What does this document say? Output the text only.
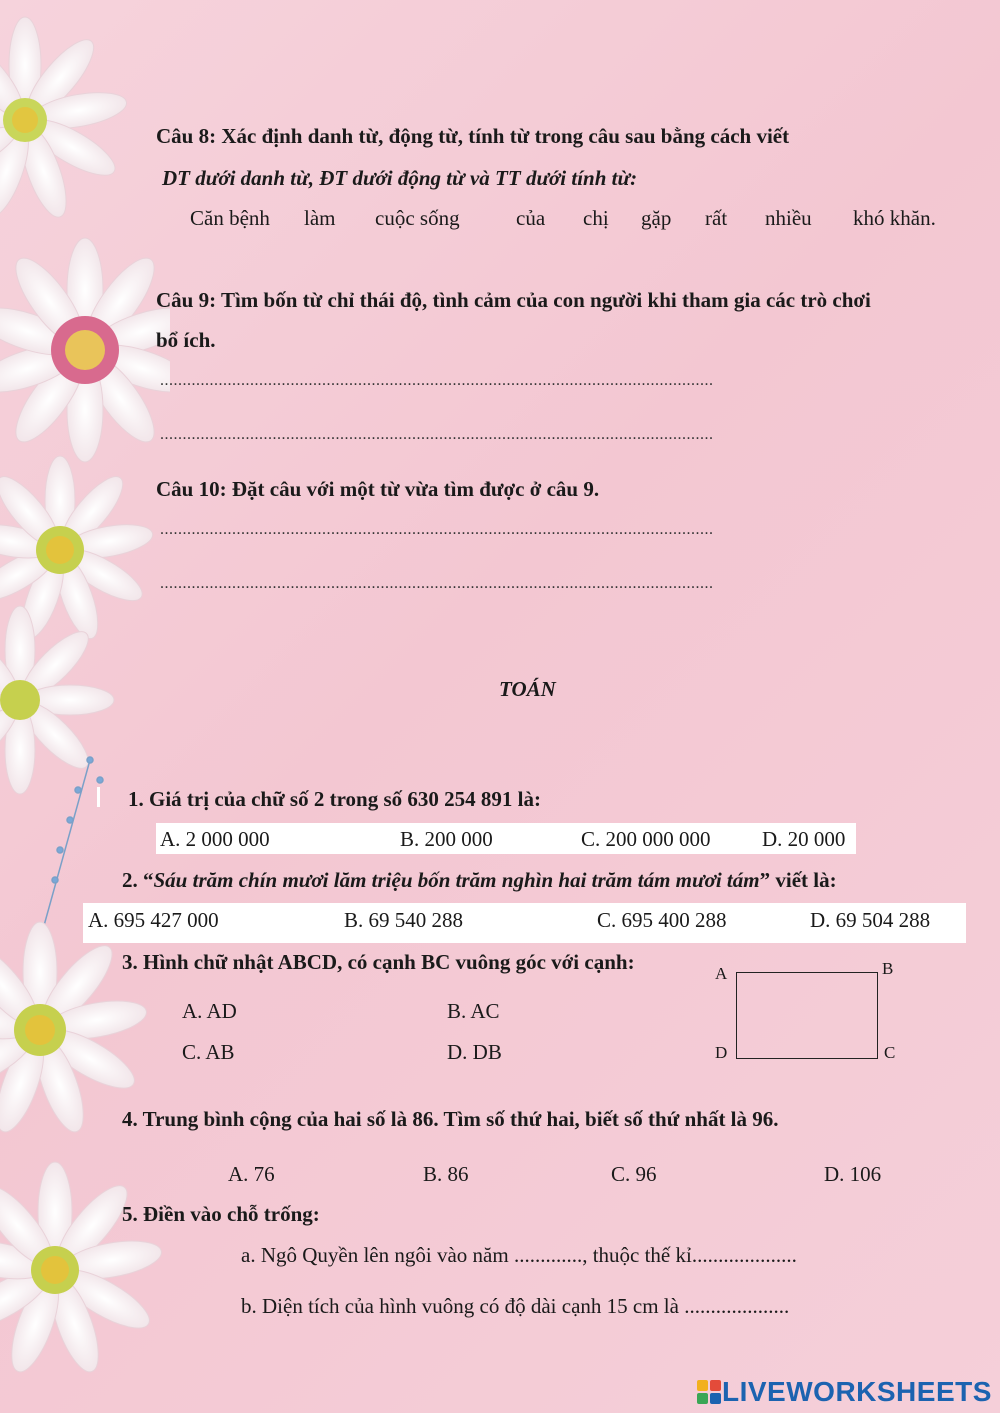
Câu 8: Xác định danh từ, động từ, tính từ trong câu sau bằng cách viết
DT dưới danh từ, ĐT dưới động từ và TT dưới tính từ:
Căn bệnh làm cuộc sống	của chị gặp rất nhiều khó khăn.
Câu 9: Tìm bốn từ chỉ thái độ, tình cảm của con người khi tham gia các trò chơi
bổ ích.
...........................................................................................................................
...........................................................................................................................
Câu 10: Đặt câu với một từ vừa tìm được ở câu 9.
...........................................................................................................................
...........................................................................................................................
TOÁN
1. Giá trị của chữ số 2 trong số 630 254 891 là:
A. 2 000 000	B. 200 000	C. 200 000 000 D. 20 000
2. “Sáu trăm chín mươi lăm triệu bốn trăm nghìn hai trăm tám mươi tám” viết là:
A. 695 427 000	B. 69 540 288	C. 695 400 288	D. 69 504 288
3. Hình chữ nhật ABCD, có cạnh BC vuông góc với cạnh:
A. AD	B. AC
C. AB	D. DB
A	B
D	C
4. Trung bình cộng của hai số là 86. Tìm số thứ hai, biết số thứ nhất là 96.
A. 76	B. 86	C. 96	D. 106
5. Điền vào chỗ trống:
a. Ngô Quyền lên ngôi vào năm ............., thuộc thế kỉ....................
b. Diện tích của hình vuông có độ dài cạnh 15 cm là ....................
LIVEWORKSHEETS
